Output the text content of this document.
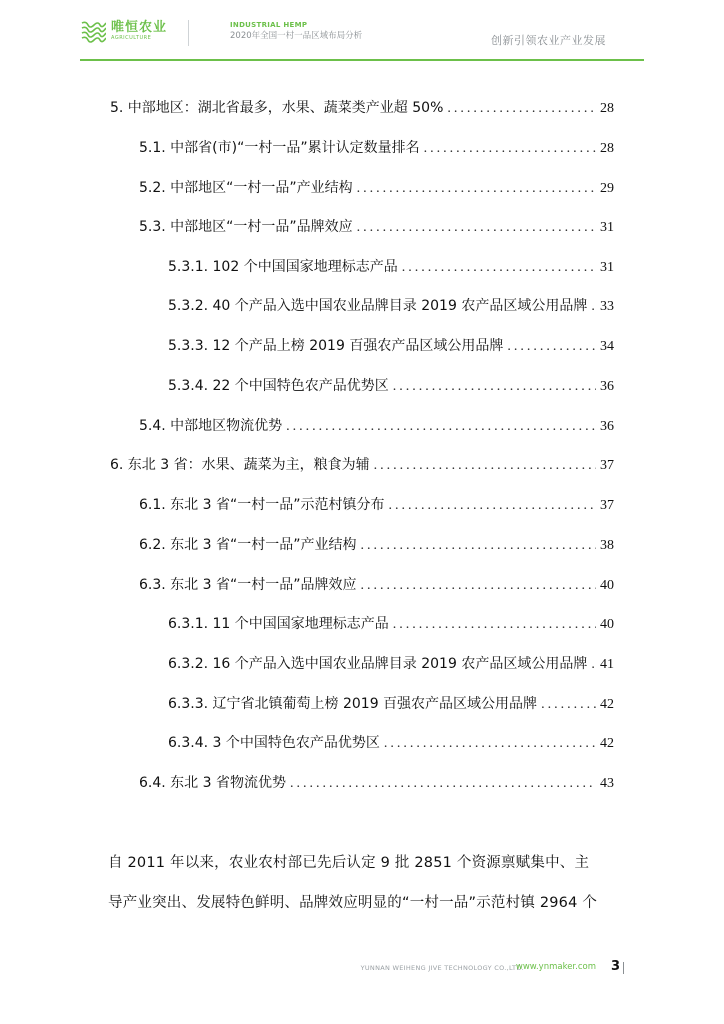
唯恒农业
AGRICULTURE
INDUSTRIAL HEMP
2020年全国一村一品区域布局分析	创新引领农业产业发展
5. 中部地区：湖北省最多，水果、蔬菜类产业超 50% .....	28
5.1. 中部省(市)“一村一品”累计认定数量排名 .....	28
5.2. 中部地区“一村一品”产业结构 .....	29
5.3. 中部地区“一村一品”品牌效应 .....	31
5.3.1. 102 个中国国家地理标志产品 .....	31
5.3.2. 40 个产品入选中国农业品牌目录 2019 农产品区域公用品牌 ..... 33
5.3.3. 12 个产品上榜 2019 百强农产品区域公用品牌 .....	34
5.3.4. 22 个中国特色农产品优势区 .....	36
5.4. 中部地区物流优势 .....	36
6. 东北 3 省：水果、蔬菜为主，粮食为辅 .....	37
6.1. 东北 3 省“一村一品”示范村镇分布 .....	37
6.2. 东北 3 省“一村一品”产业结构 .....	38
6.3. 东北 3 省“一村一品”品牌效应 .....	40
6.3.1. 11 个中国国家地理标志产品 .....	40
6.3.2. 16 个产品入选中国农业品牌目录 2019 农产品区域公用品牌 ..... 41
6.3.3. 辽宁省北镇葡萄上榜 2019 百强农产品区域公用品牌 .....	42
6.3.4. 3 个中国特色农产品优势区 .....	42
6.4. 东北 3 省物流优势 .....	43
自 2011 年以来，农业农村部已先后认定 9 批 2851 个资源禀赋集中、主
导产业突出、发展特色鲜明、品牌效应明显的“一村一品”示范村镇 2964 个
YUNNAN WEIHENG JIVE TECHNOLOGY CO.,LTD.
www.ynmaker.com 3
